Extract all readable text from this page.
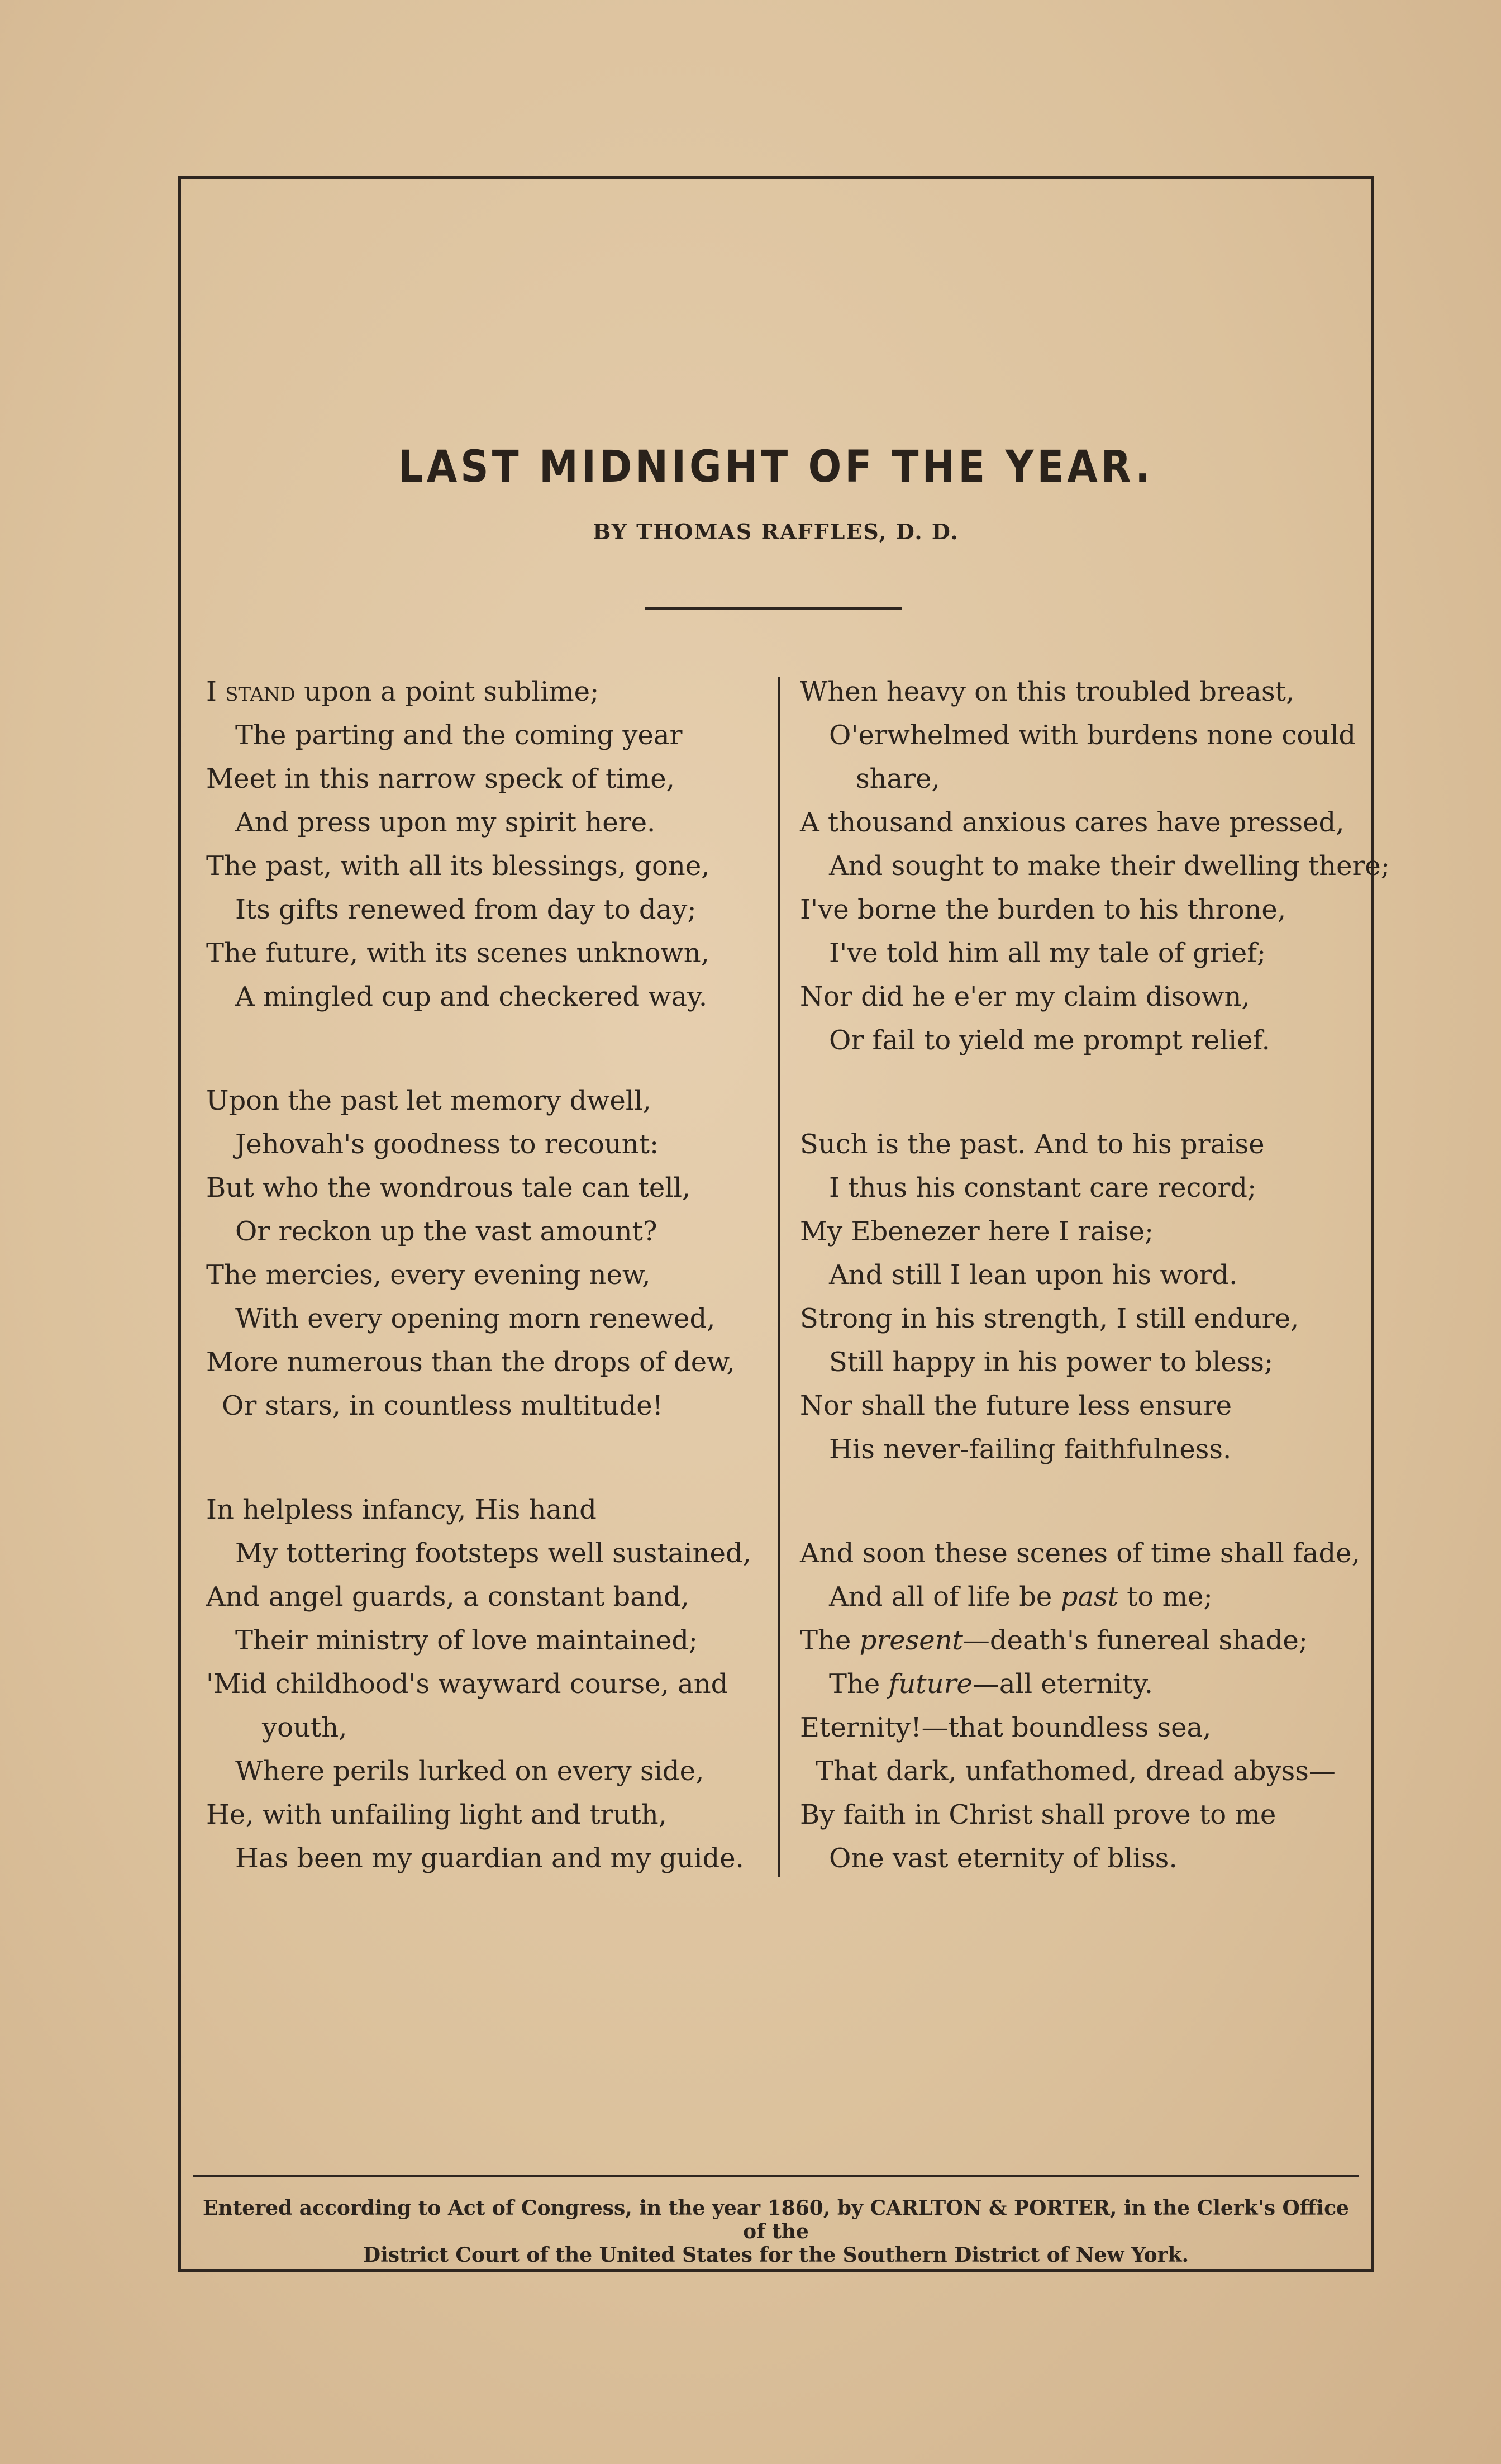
LAST MIDNIGHT OF THE YEAR.
BY THOMAS RAFFLES, D. D.
I stand upon a point sublime;
The parting and the coming year
Meet in this narrow speck of time,
And press upon my spirit here.
The past, with all its blessings, gone,
Its gifts renewed from day to day;
The future, with its scenes unknown,
A mingled cup and checkered way.
Upon the past let memory dwell,
Jehovah's goodness to recount:
But who the wondrous tale can tell,
Or reckon up the vast amount?
The mercies, every evening new,
With every opening morn renewed,
More numerous than the drops of dew,
Or stars, in countless multitude!
In helpless infancy, His hand
My tottering footsteps well sustained,
And angel guards, a constant band,
Their ministry of love maintained;
'Mid childhood's wayward course, and
youth,
Where perils lurked on every side,
He, with unfailing light and truth,
Has been my guardian and my guide.
When heavy on this troubled breast,
O'erwhelmed with burdens none could
share,
A thousand anxious cares have pressed,
And sought to make their dwelling there;
I've borne the burden to his throne,
I've told him all my tale of grief;
Nor did he e'er my claim disown,
Or fail to yield me prompt relief.
Such is the past. And to his praise
I thus his constant care record;
My Ebenezer here I raise;
And still I lean upon his word.
Strong in his strength, I still endure,
Still happy in his power to bless;
Nor shall the future less ensure
His never-failing faithfulness.
And soon these scenes of time shall fade,
And all of life be past to me;
The present—death's funereal shade;
The future—all eternity.
Eternity!—that boundless sea,
That dark, unfathomed, dread abyss—
By faith in Christ shall prove to me
One vast eternity of bliss.
Entered according to Act of Congress, in the year 1860, by CARLTON & PORTER, in the Clerk's Office of the
District Court of the United States for the Southern District of New York.
